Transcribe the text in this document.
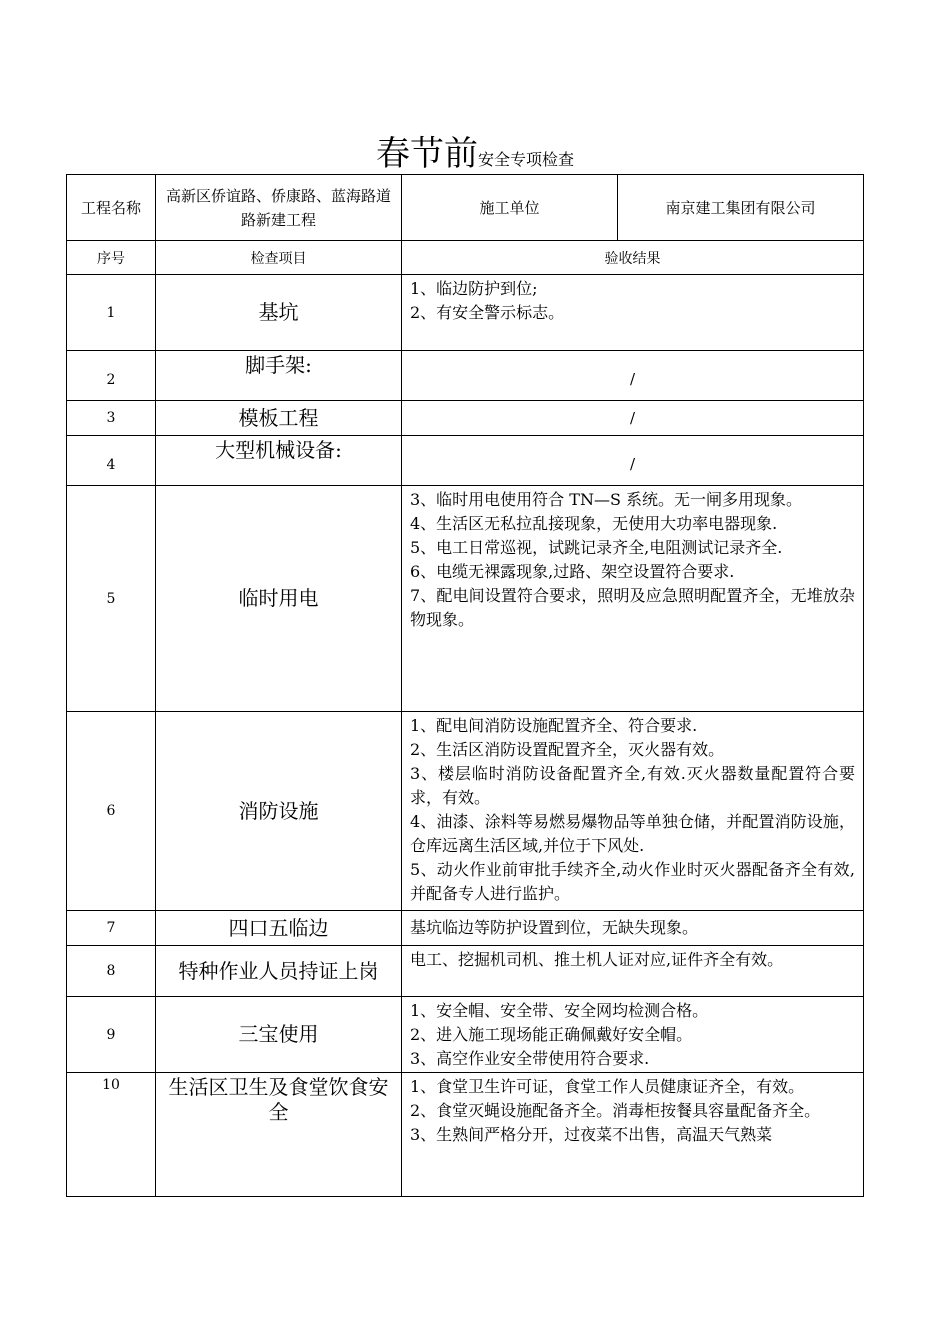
春节前安全专项检查
工程名称	高新区侨谊路、侨康路、蓝海路道路新建工程	施工单位	南京建工集团有限公司
序号	检查项目	验收结果	
1	基坑	1、临边防护到位;
2、有安全警示标志。	

2	脚手架:	/	
3	模板工程	/	
4	大型机械设备:	/	
5	临时用电	3、临时用电使用符合 TN—S 系统。无一闸多用现象。
4、生活区无私拉乱接现象，无使用大功率电器现象.
5、电工日常巡视，试跳记录齐全,电阻测试记录齐全.
6、电缆无裸露现象,过路、架空设置符合要求.
7、配电间设置符合要求，照明及应急照明配置齐全，无堆放杂物现象。	

6	消防设施	1、配电间消防设施配置齐全、符合要求.
2、生活区消防设置配置齐全，灭火器有效。
3、楼层临时消防设备配置齐全,有效.灭火器数量配置符合要求，有效。
4、油漆、涂料等易燃易爆物品等单独仓储，并配置消防设施，仓库远离生活区域,并位于下风处.
5、动火作业前审批手续齐全,动火作业时灭火器配备齐全有效,并配备专人进行监护。	

7	四口五临边	基坑临边等防护设置到位，无缺失现象。	

8	特种作业人员持证上岗	电工、挖掘机司机、推土机人证对应,证件齐全有效。	

9	三宝使用	1、安全帽、安全带、安全网均检测合格。
2、进入施工现场能正确佩戴好安全帽。
3、高空作业安全带使用符合要求.	

10	生活区卫生及食堂饮食安全	1、食堂卫生许可证，食堂工作人员健康证齐全，有效。
2、食堂灭蝇设施配备齐全。消毒柜按餐具容量配备齐全。
3、生熟间严格分开，过夜菜不出售，高温天气熟菜	
